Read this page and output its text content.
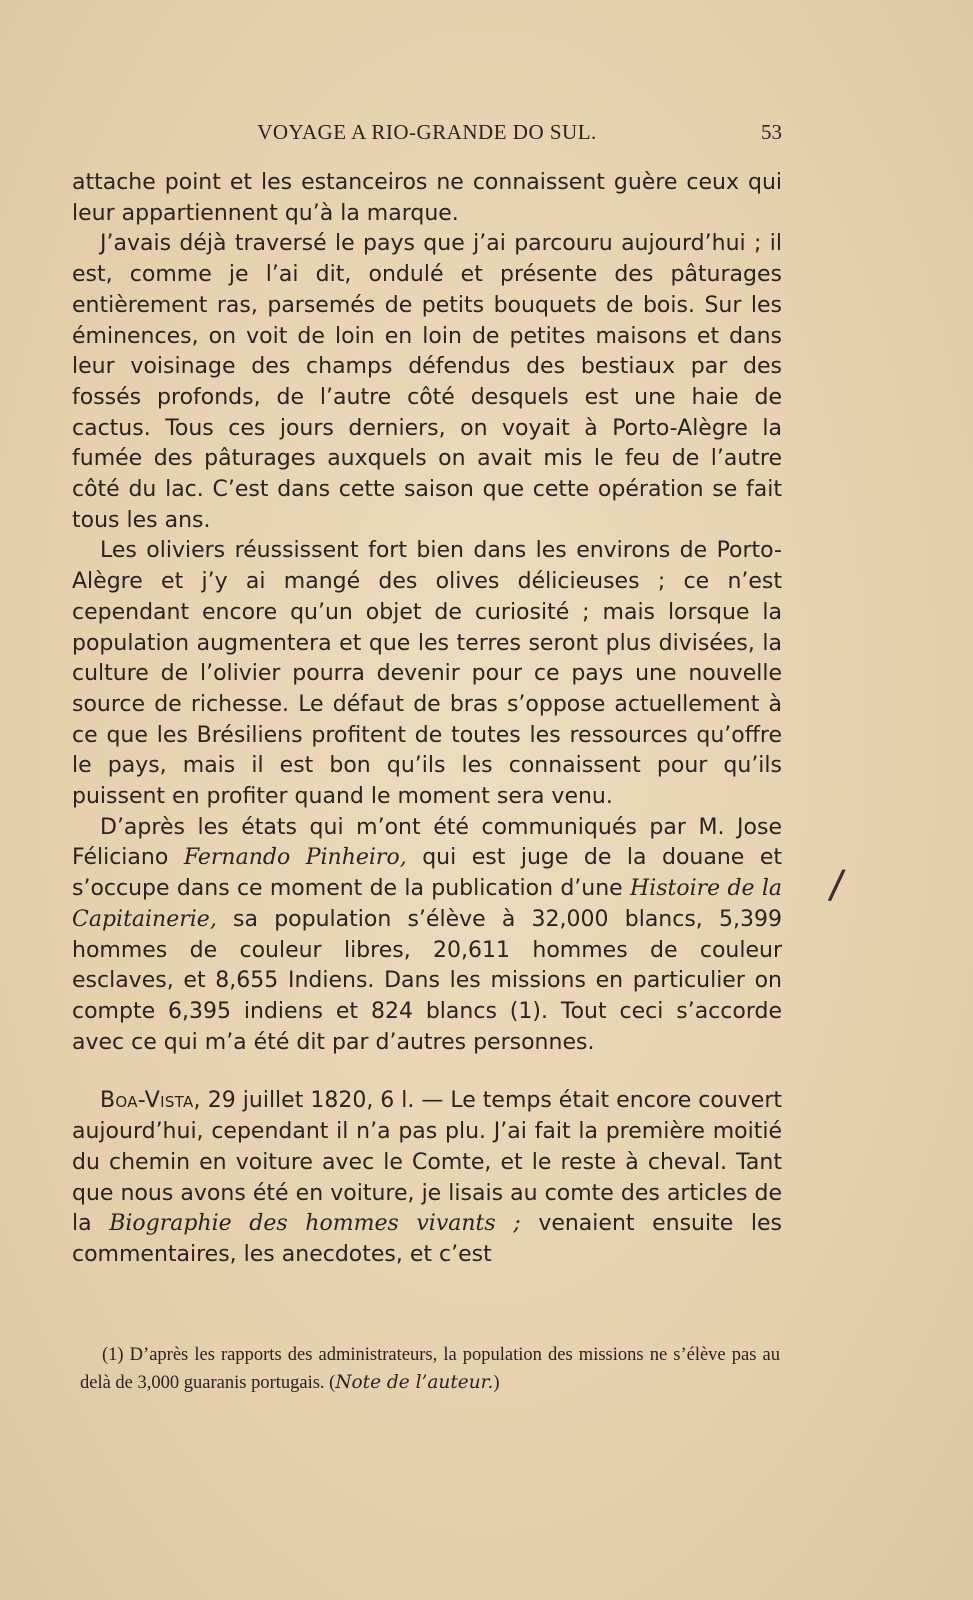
VOYAGE A RIO-GRANDE DO SUL.	53

attache point et les estanceiros ne connaissent guère ceux qui leur appartiennent qu’à la marque.

J’avais déjà traversé le pays que j’ai parcouru aujourd’hui ; il est, comme je l’ai dit, ondulé et présente des pâturages entièrement ras, parsemés de petits bouquets de bois. Sur les éminences, on voit de loin en loin de petites maisons et dans leur voisinage des champs défendus des bestiaux par des fossés profonds, de l’autre côté desquels est une haie de cactus. Tous ces jours derniers, on voyait à Porto-Alègre la fumée des pâturages auxquels on avait mis le feu de l’autre côté du lac. C’est dans cette saison que cette opération se fait tous les ans.

Les oliviers réussissent fort bien dans les environs de Porto-Alègre et j’y ai mangé des olives délicieuses ; ce n’est cependant encore qu’un objet de curiosité ; mais lorsque la population augmentera et que les terres seront plus divisées, la culture de l’olivier pourra devenir pour ce pays une nouvelle source de richesse. Le défaut de bras s’oppose actuellement à ce que les Brésiliens profitent de toutes les ressources qu’offre le pays, mais il est bon qu’ils les connaissent pour qu’ils puissent en profiter quand le moment sera venu.

D’après les états qui m’ont été communiqués par M. Jose Féliciano Fernando Pinheiro, qui est juge de la douane et s’occupe dans ce moment de la publication d’une Histoire de la Capitainerie, sa population s’élève à 32,000 blancs, 5,399 hommes de couleur libres, 20,611 hommes de couleur esclaves, et 8,655 Indiens. Dans les missions en particulier on compte 6,395 indiens et 824 blancs (1). Tout ceci s’accorde avec ce qui m’a été dit par d’autres personnes.

Boa-Vista, 29 juillet 1820, 6 l. — Le temps était encore couvert aujourd’hui, cependant il n’a pas plu. J’ai fait la première moitié du chemin en voiture avec le Comte, et le reste à cheval. Tant que nous avons été en voiture, je lisais au comte des articles de la Biographie des hommes vivants ; venaient ensuite les commentaires, les anecdotes, et c’est

/

(1) D’après les rapports des administrateurs, la population des missions ne s’élève pas au delà de 3,000 guaranis portugais. (Note de l’auteur.)
